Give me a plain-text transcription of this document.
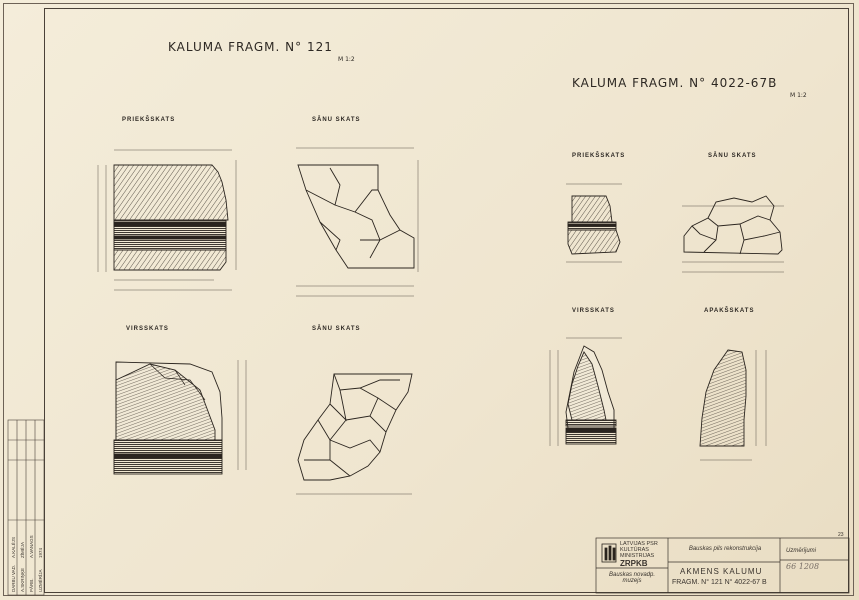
KALUMA FRAGM. N° 121
M 1:2
KALUMA FRAGM. N° 4022-67B
M 1:2
PRIEKŠSKATS	SĀNU SKATS
VIRSSKATS	SĀNU SKATS
PRIEKŠSKATS	SĀNU SKATS
VIRSSKATS	APAKŠSKATS
DARBU VAD. A.SKRIŅĶE PĀRB. UZMĒRĪJA
A.KALĒJS ZĪMĒJA A.VANAGS 1974
LATVIJAS PSR
KULTŪRAS
MINISTRIJAS
ZRPKB
Bauskas pils rekonstrukcija
Bauskas novadp. muzejs
AKMENS KALUMU
FRAGM. N° 121 N° 4022-67 B
Uzmērījumi
66 1208
23
